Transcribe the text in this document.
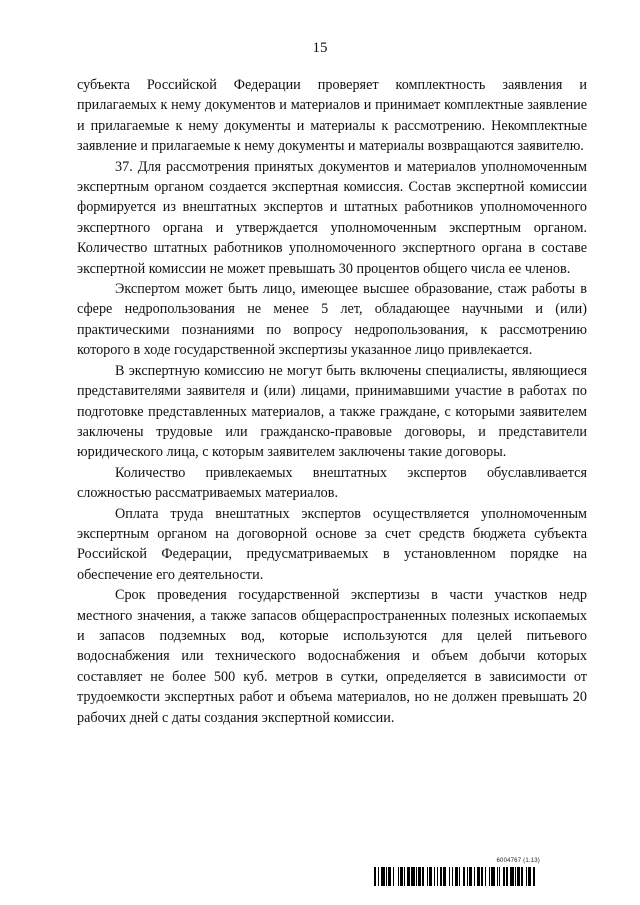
15

субъекта Российской Федерации проверяет комплектность заявления и прилагаемых к нему документов и материалов и принимает комплектные заявление и прилагаемые к нему документы и материалы к рассмотрению. Некомплектные заявление и прилагаемые к нему документы и материалы возвращаются заявителю.

37. Для рассмотрения принятых документов и материалов уполномоченным экспертным органом создается экспертная комиссия. Состав экспертной комиссии формируется из внештатных экспертов и штатных работников уполномоченного экспертного органа и утверждается уполномоченным экспертным органом. Количество штатных работников уполномоченного экспертного органа в составе экспертной комиссии не может превышать 30 процентов общего числа ее членов.

Экспертом может быть лицо, имеющее высшее образование, стаж работы в сфере недропользования не менее 5 лет, обладающее научными и (или) практическими познаниями по вопросу недропользования, к рассмотрению которого в ходе государственной экспертизы указанное лицо привлекается.

В экспертную комиссию не могут быть включены специалисты, являющиеся представителями заявителя и (или) лицами, принимавшими участие в работах по подготовке представленных материалов, а также граждане, с которыми заявителем заключены трудовые или гражданско-правовые договоры, и представители юридического лица, с которым заявителем заключены такие договоры.

Количество привлекаемых внештатных экспертов обуславливается сложностью рассматриваемых материалов.

Оплата труда внештатных экспертов осуществляется уполномоченным экспертным органом на договорной основе за счет средств бюджета субъекта Российской Федерации, предусматриваемых в установленном порядке на обеспечение его деятельности.

Срок проведения государственной экспертизы в части участков недр местного значения, а также запасов общераспространенных полезных ископаемых и запасов подземных вод, которые используются для целей питьевого водоснабжения или технического водоснабжения и объем добычи которых составляет не более 500 куб. метров в сутки, определяется в зависимости от трудоемкости экспертных работ и объема материалов, но не должен превышать 20 рабочих дней с даты создания экспертной комиссии.

6004767 (1.13)
